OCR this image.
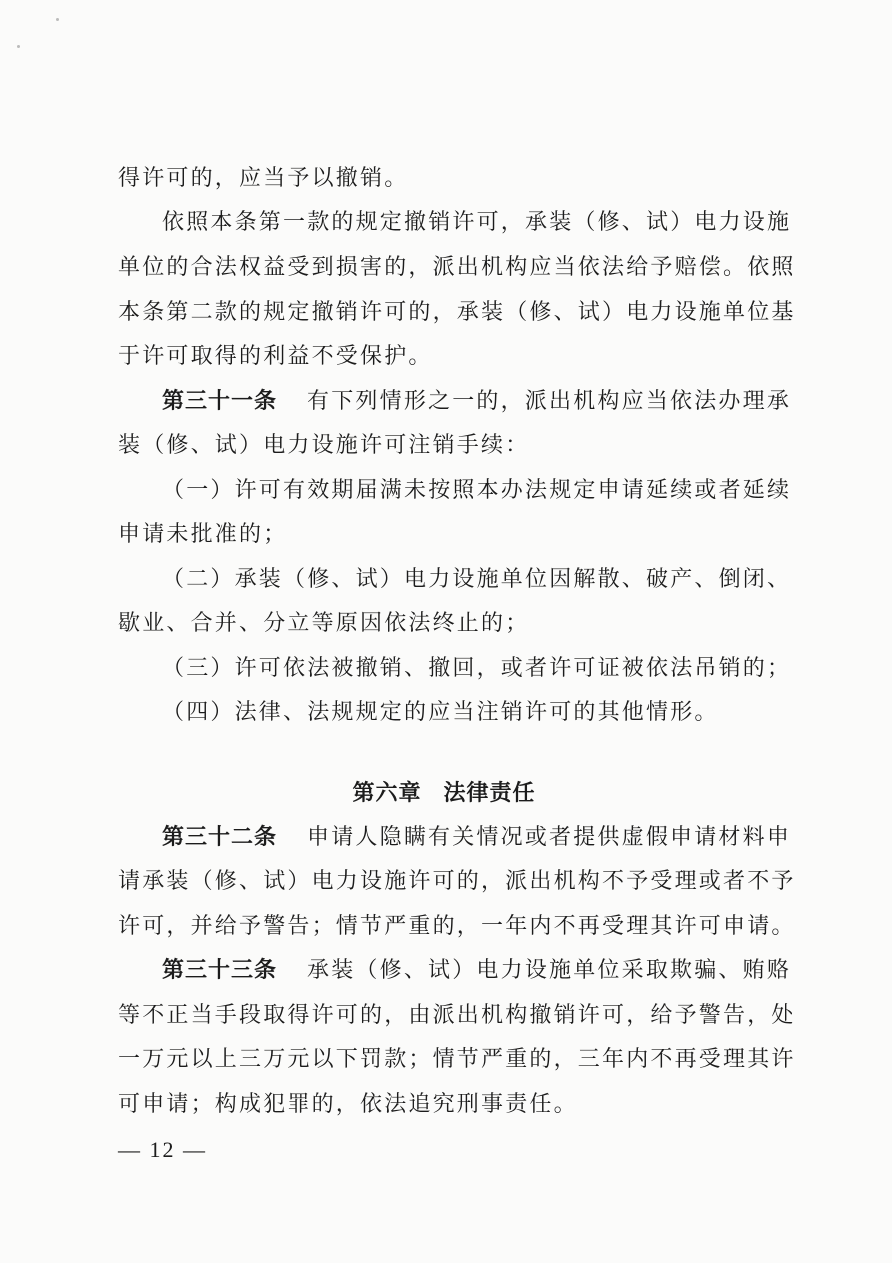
得许可的，应当予以撤销。
依照本条第一款的规定撤销许可，承装（修、试）电力设施
单位的合法权益受到损害的，派出机构应当依法给予赔偿。依照
本条第二款的规定撤销许可的，承装（修、试）电力设施单位基
于许可取得的利益不受保护。
第三十一条 有下列情形之一的，派出机构应当依法办理承
装（修、试）电力设施许可注销手续：
（一）许可有效期届满未按照本办法规定申请延续或者延续
申请未批准的；
（二）承装（修、试）电力设施单位因解散、破产、倒闭、
歇业、合并、分立等原因依法终止的；
（三）许可依法被撤销、撤回，或者许可证被依法吊销的；
（四）法律、法规规定的应当注销许可的其他情形。
第六章 法律责任
第三十二条 申请人隐瞒有关情况或者提供虚假申请材料申
请承装（修、试）电力设施许可的，派出机构不予受理或者不予
许可，并给予警告；情节严重的，一年内不再受理其许可申请。
第三十三条 承装（修、试）电力设施单位采取欺骗、贿赂
等不正当手段取得许可的，由派出机构撤销许可，给予警告，处
一万元以上三万元以下罚款；情节严重的，三年内不再受理其许
可申请；构成犯罪的，依法追究刑事责任。
— 12 —
